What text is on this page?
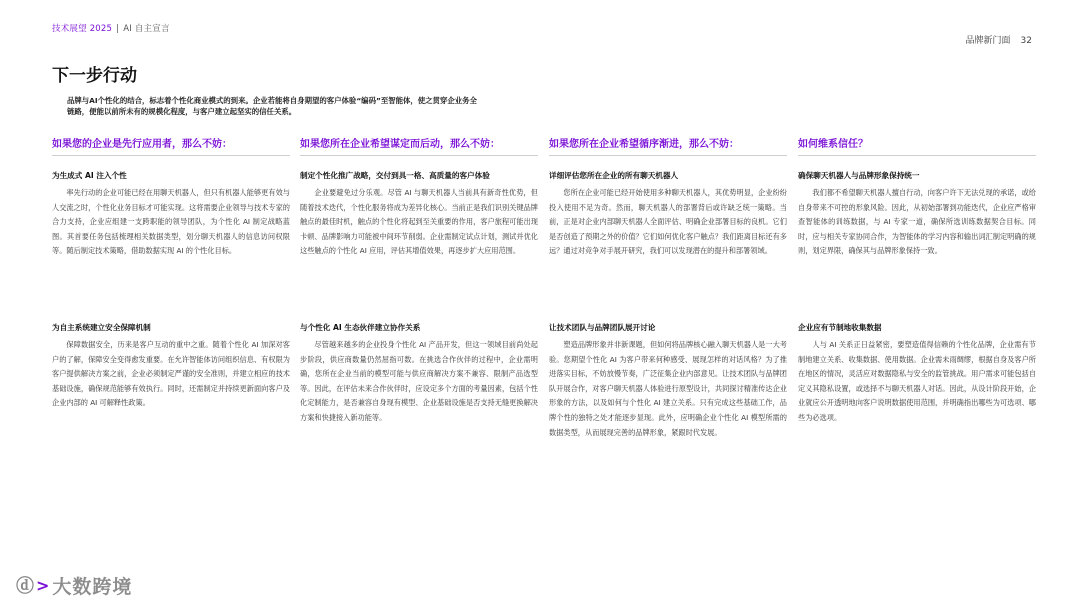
技术展望 2025 | AI 自主宣言
品牌新门面 32
下一步行动
品牌与AI个性化的结合，标志着个性化商业模式的到来。企业若能将自身期望的客户体验“编码”至智能体，使之贯穿企业务全链路，便能以前所未有的规模化程度，与客户建立起坚实的信任关系。
如果您的企业是先行应用者，那么不妨：
为生成式 AI 注入个性
率先行动的企业可能已经在用聊天机器人，但只有机器人能够更有效与人交流之时，个性化业务目标才可能实现。这将需要企业领导与技术专家的合力支持，企业应组建一支跨职能的领导团队，为个性化 AI 制定战略蓝图。其首要任务包括梳理相关数据类型，划分聊天机器人的信息访问权限等。随后制定技术策略，借助数据实现 AI 的个性化目标。
为自主系统建立安全保障机制
保障数据安全，历来是客户互动的重中之重。随着个性化 AI 加深对客户的了解，保障安全变得愈发重要。在允许智能体访问组织信息、有权限为客户提供解决方案之前，企业必须制定严谨的安全准则，并建立相应的技术基础设施，确保规范能够有效执行。同时，还需制定并持续更新面向客户及企业内部的 AI 可解释性政策。
如果您所在企业希望谋定而后动，那么不妨：
制定个性化推广战略，交付到具一格、高质量的客户体验
企业要避免过分乐观。尽管 AI 与聊天机器人当前具有新奇性优势，但随着技术迭代，个性化服务将成为差异化核心。当前正是我们识别关键品牌触点的最佳时机，触点的个性化将起到至关重要的作用，客户旅程可能出现卡顿、品牌影响力可能被中间环节削弱。企业需制定试点计划，测试并优化这些触点的个性化 AI 应用，评估其增值效果，再逐步扩大应用范围。
与个性化 AI 生态伙伴建立协作关系
尽管越来越多的企业投身个性化 AI 产品开发，但这一领域目前尚处起步阶段，供应商数量仍然屈指可数。在挑选合作伙伴的过程中，企业需明确，您所在企业当前的模型可能与供应商解决方案不兼容、限制产品选型等。因此，在评估未来合作伙伴时，应设定多个方面的考量因素，包括个性化定制能力，是否兼容自身现有模型、企业基础设施是否支持无缝更换解决方案和快捷接入新功能等。
如果您所在企业希望循序渐进，那么不妨：
详细评估您所在企业的所有聊天机器人
您所在企业可能已经开始使用多种聊天机器人，其优势明显，企业纷纷投入使用不足为奇。然而，聊天机器人的部署背后或许缺乏统一策略。当前，正是对企业内部聊天机器人全面评估、明确企业部署目标的良机。它们是否创造了预期之外的价值？它们如何优化客户触点？我们距离目标还有多远？通过对竞争对手展开研究，我们可以发现潜在的提升和部署领域。
让技术团队与品牌团队展开讨论
塑造品牌形象并非新课题，但如何将品牌核心融入聊天机器人是一大考验。您期望个性化 AI 为客户带来何种感受、展现怎样的对话风格？为了推进落实目标，不妨放慢节奏，广泛征集企业内部意见。让技术团队与品牌团队开展合作，对客户聊天机器人体验进行原型设计，共同探讨精准传达企业形象的方法，以及如何与个性化 AI 建立关系。只有完成这些基础工作，品牌个性的独特之处才能逐步显现。此外，应明确企业个性化 AI 模型所需的数据类型，从而展现完善的品牌形象，紧跟时代发展。
如何维系信任？
确保聊天机器人与品牌形象保持统一
我们都不希望聊天机器人擅自行动，向客户许下无法兑现的承诺，或给自身带来不可控的形象风险。因此，从初始部署到功能迭代，企业应严格审查智能体的训练数据，与 AI 专家一道，确保所选训练数据契合目标。同时，应与相关专家协同合作，为智能体的学习内容和输出词汇制定明确的规则，划定界限，确保其与品牌形象保持一致。
企业应有节制地收集数据
人与 AI 关系正日益紧密，要塑造值得信赖的个性化品牌，企业需有节制地建立关系、收集数据、使用数据。企业需未雨绸缪，根据自身及客户所在地区的情况，灵活应对数据隐私与安全的监管挑战。用户需求可能包括自定义其隐私设置，或选择不与聊天机器人对话。因此，从设计阶段开始，企业就应公开透明地向客户说明数据使用范围，并明确指出哪些为可选项、哪些为必选项。
ⓓ > 大数跨境
